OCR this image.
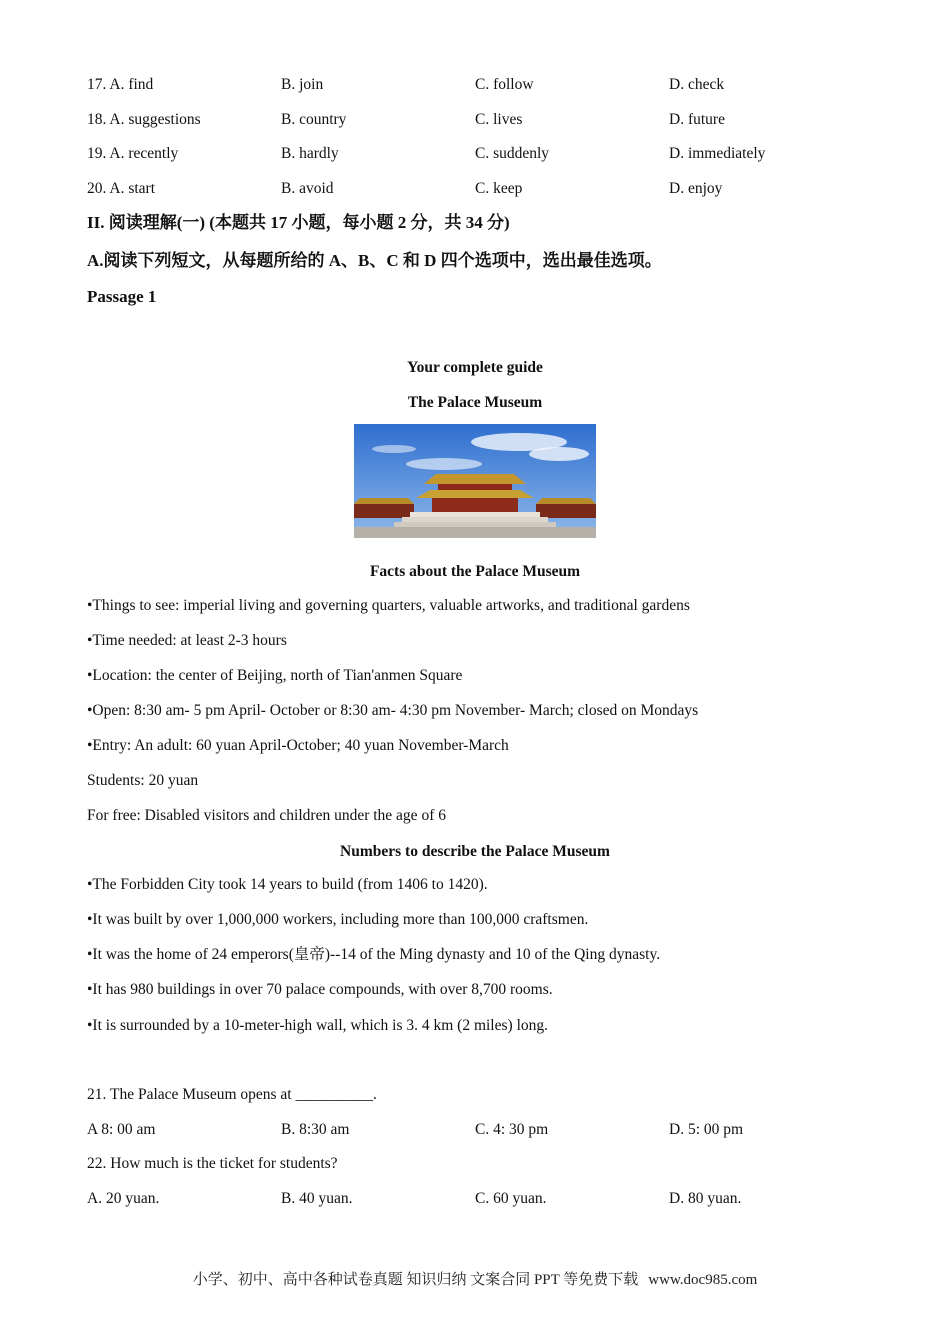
17. A. find	B. join	C. follow	D. check
18. A. suggestions	B. country	C. lives	D. future
19. A. recently	B. hardly	C. suddenly	D. immediately
20. A. start	B. avoid	C. keep	D. enjoy
II. 阅读理解(一) (本题共 17 小题，每小题 2 分，共 34 分)
A.阅读下列短文，从每题所给的 A、B、C 和 D 四个选项中，选出最佳选项。
Passage 1
Your complete guide
The Palace Museum
Facts about the Palace Museum
•Things to see: imperial living and governing quarters, valuable artworks, and traditional gardens
•Time needed: at least 2-3 hours
•Location: the center of Beijing, north of Tian'anmen Square
•Open: 8:30 am- 5 pm April- October or 8:30 am- 4:30 pm November- March; closed on Mondays
•Entry: An adult: 60 yuan April-October; 40 yuan November-March
Students: 20 yuan
For free: Disabled visitors and children under the age of 6
Numbers to describe the Palace Museum
•The Forbidden City took 14 years to build (from 1406 to 1420).
•It was built by over 1,000,000 workers, including more than 100,000 craftsmen.
•It was the home of 24 emperors(皇帝)--14 of the Ming dynasty and 10 of the Qing dynasty.
•It has 980 buildings in over 70 palace compounds, with over 8,700 rooms.
•It is surrounded by a 10-meter-high wall, which is 3. 4 km (2 miles) long.
21. The Palace Museum opens at __________.
A 8: 00 am	B. 8:30 am	C. 4: 30 pm	D. 5: 00 pm
22. How much is the ticket for students?
A. 20 yuan.	B. 40 yuan.	C. 60 yuan.	D. 80 yuan.
小学、初中、高中各种试卷真题 知识归纳 文案合同 PPT 等免费下载 www.doc985.com
